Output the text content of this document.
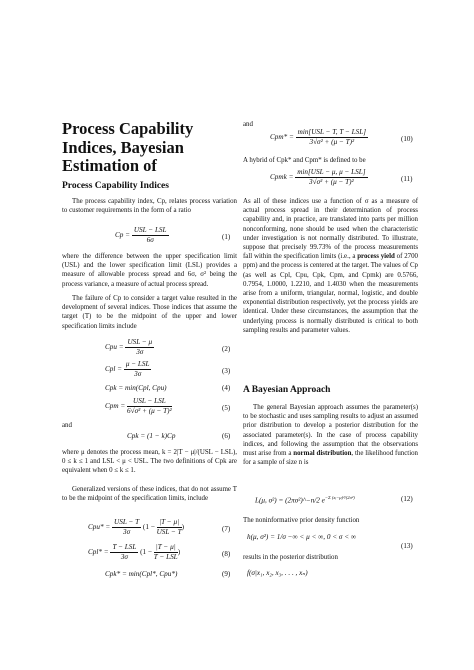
Process Capability Indices, Bayesian Estimation of
Process Capability Indices
The process capability index, Cp, relates process variation to customer requirements in the form of a ratio
$Cp = \frac{\text{USL − LSL}}{6\sigma}$	(1)
where the difference between the upper specification limit (USL) and the lower specification limit (LSL) provides a measure of allowable process spread and 6σ, σ² being the process variance, a measure of actual process spread.
The failure of Cp to consider a target value resulted in the development of several indices. Those indices that assume the target (T) to be the midpoint of the upper and lower specification limits include
Cpu = $\frac{\text{USL − μ}}{3\sigma}$	(2)
Cpl = $\frac{\text{μ − LSL}}{3\sigma}$	(3)
Cpk = min(Cpl, Cpu)	(4)
Cpm = $\frac{\text{USL − LSL}}{\text{6√σ² + (μ − T)²}}$	(5)
and
Cpk = (1 − k)Cp	(6)
where μ denotes the process mean, k = 2|T − μ|/(USL − LSL), 0 ≤ k ≤ 1 and LSL < μ < USL. The two definitions of Cpk are equivalent when 0 ≤ k ≤ 1.
Generalized versions of these indices, that do not assume T to be the midpoint of the specification limits, include
$Cpu* = \frac{\text{USL − T}}{3\sigma} (1 - \frac{|T - \mu|}{\text{USL − T}}$ )	(7)
$Cpl* = \frac{\text{T − LSL}}{3\sigma} (1 - \frac{|T - \mu|}{\text{T − LSL}}$ )	(8)
Cpk* = min(Cpl*, Cpu*)	(9)
and
$Cpm* = \frac{\text{min[USL − T, T − LSL]}}{\text{3√σ² + (μ − T)²}}$	(10)
A hybrid of Cpk* and Cpm* is defined to be
Cpmk = $\frac{\text{min[USL − μ, μ − LSL]}}{\text{3√σ² + (μ − T)²}}$	(11)
As all of these indices use a function of σ as a measure of actual process spread in their determination of process capability and, in practice, are translated into parts per million nonconforming, none should be used when the characteristic under investigation is not normally distributed. To illustrate, suppose that precisely 99.73% of the process measurements fall within the specification limits (i.e., a process yield of 2700 ppm) and the process is centered at the target. The values of Cp (as well as Cpl, Cpu, Cpk, Cpm, and Cpmk) are 0.5766, 0.7954, 1.0000, 1.2210, and 1.4030 when the measurements arise from a uniform, triangular, normal, logistic, and double exponential distribution respectively, yet the process yields are identical. Under these circumstances, the assumption that the underlying process is normally distributed is critical to both sampling results and parameter values.
A Bayesian Approach
The general Bayesian approach assumes the parameter(s) to be stochastic and uses sampling results to adjust an assumed prior distribution to develop a posterior distribution for the associated parameter(s). In the case of process capability indices, and following the assumption that the observations must arise from a normal distribution, the likelihood function for a sample of size n is
L(μ, σ²) = (2πσ²)^−n/2 $e^{-\Sigma (xᵢ-\mu)^2/(2\sigma^2)}$	(12)
The noninformative prior density function
h(μ, σ²) = 1/σ −∞ < μ < ∞, 0 < σ < ∞
(13)
results in the posterior distribution
f(σ|x₁, x₂, x₃, . . . , xₙ)
